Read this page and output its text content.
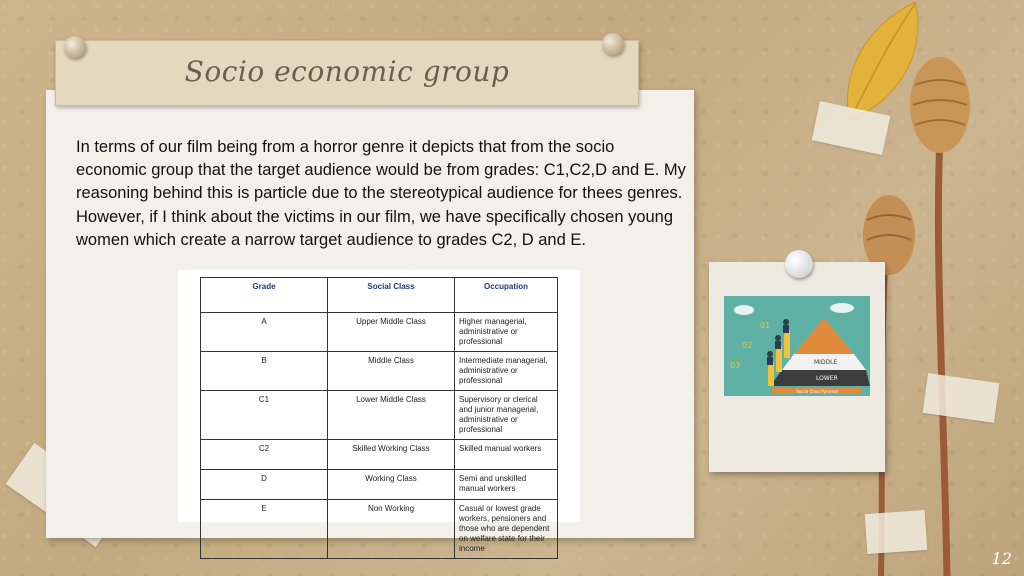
Socio economic group
In terms of our film being from a horror genre it depicts that from the socio economic group that the target audience would be from grades: C1,C2,D and E. My reasoning behind this is particle due to the stereotypical audience for thees genres. However, if I think about the victims in our film, we have specifically chosen young women which create a narrow target audience to grades C2, D and E.
Grade	Social Class	Occupation
A	Upper Middle Class	Higher managerial, administrative or professional
B	Middle Class	Intermediate managerial, administrative or professional
C1	Lower Middle Class	Supervisory or clerical and junior managerial, administrative or professional
C2	Skilled Working Class	Skilled manual workers
D	Working Class	Semi and unskilled manual workers
E	Non Working	Casual or lowest grade workers, pensioners and those who are dependent on welfare state for their income
01
02
03	MIDDLE
LOWER
Social Class Pyramid
12
